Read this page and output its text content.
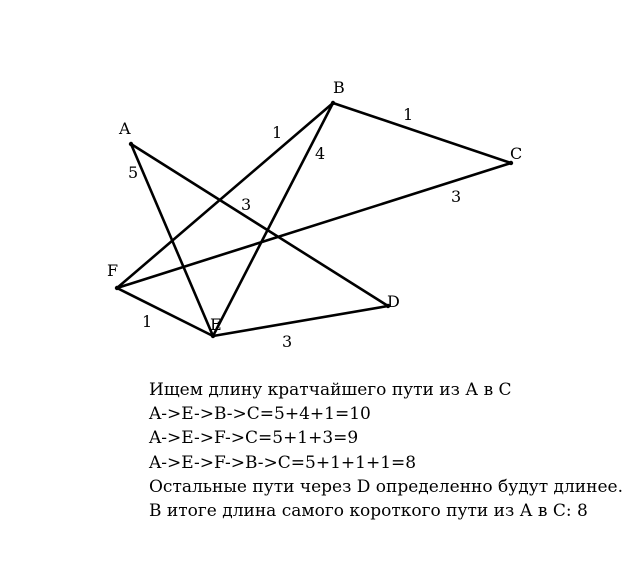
5
3
1
4
1
3
1
3
A
B
C
D
E
F
Ищем длину кратчайшего пути из А в С
A->E->B->C=5+4+1=10
A->E->F->C=5+1+3=9
A->E->F->B->C=5+1+1+1=8
Остальные пути через D определенно будут длинее.
В итоге длина самого короткого пути из А в С: 8
